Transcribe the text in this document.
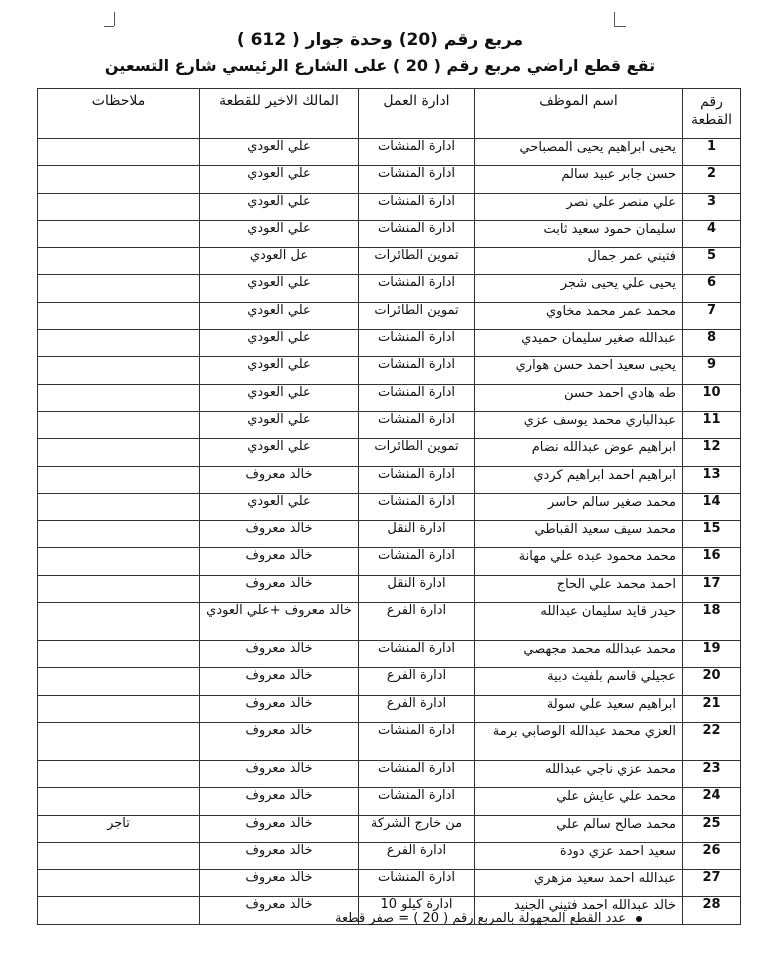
مربع رقم (20) وحدة جوار ( 612 )
تقع قطع اراضي مربع رقم ( 20 ) على الشارع الرئيسي شارع التسعين
رقم القطعة	اسم الموظف	ادارة العمل	المالك الاخير للقطعة	ملاحظات
1	يحيى ابراهيم يحيى المصباحي	ادارة المنشات	علي العودي	
2	حسن جابر عبيد سالم	ادارة المنشات	علي العودي	
3	علي منصر علي نصر	ادارة المنشات	علي العودي	
4	سليمان حمود سعيد ثابت	ادارة المنشات	علي العودي	
5	فتيني عمر جمال	تموين الطائرات	عل العودي	
6	يحيى علي يحيى شجر	ادارة المنشات	علي العودي	
7	محمد عمر محمد مخاوي	تموين الطائرات	علي العودي	
8	عبدالله صغير سليمان حميدي	ادارة المنشات	علي العودي	
9	يحيى سعيد احمد حسن هواري	ادارة المنشات	علي العودي	
10	طه هادي احمد حسن	ادارة المنشات	علي العودي	
11	عبدالباري محمد يوسف عزي	ادارة المنشات	علي العودي	
12	ابراهيم عوض عبدالله نضام	تموين الطائرات	علي العودي	
13	ابراهيم احمد ابراهيم كردي	ادارة المنشات	خالد معروف	
14	محمد صغير سالم حاسر	ادارة المنشات	علي العودي	
15	محمد سيف سعيد القباطي	ادارة النقل	خالد معروف	
16	محمد محمود عبده علي مهانة	ادارة المنشات	خالد معروف	
17	احمد محمد علي الحاج	ادارة النقل	خالد معروف	
18	حيدر قايد سليمان عبدالله	ادارة الفرع	خالد معروف +علي العودي	
19	محمد عبدالله محمد مجهصي	ادارة المنشات	خالد معروف	
20	عجيلي قاسم بلفيث دبية	ادارة الفرع	خالد معروف	
21	ابراهيم سعيد علي سولة	ادارة الفرع	خالد معروف	
22	العزي محمد عبدالله الوصابي برمة	ادارة المنشات	خالد معروف	
23	محمد عزي ناجي عبدالله	ادارة المنشات	خالد معروف	
24	محمد علي عايش علي	ادارة المنشات	خالد معروف	
25	محمد صالح سالم علي	من خارج الشركة	خالد معروف	تاجر
26	سعيد احمد عزي دودة	ادارة الفرع	خالد معروف	
27	عبدالله احمد سعيد مزهري	ادارة المنشات	خالد معروف	
28	خالد عبدالله احمد فتيني الجنيد	ادارة كيلو 10	خالد معروف	
عدد القطع المجهولة بالمربع رقم ( 20 ) = صفر قطعة
